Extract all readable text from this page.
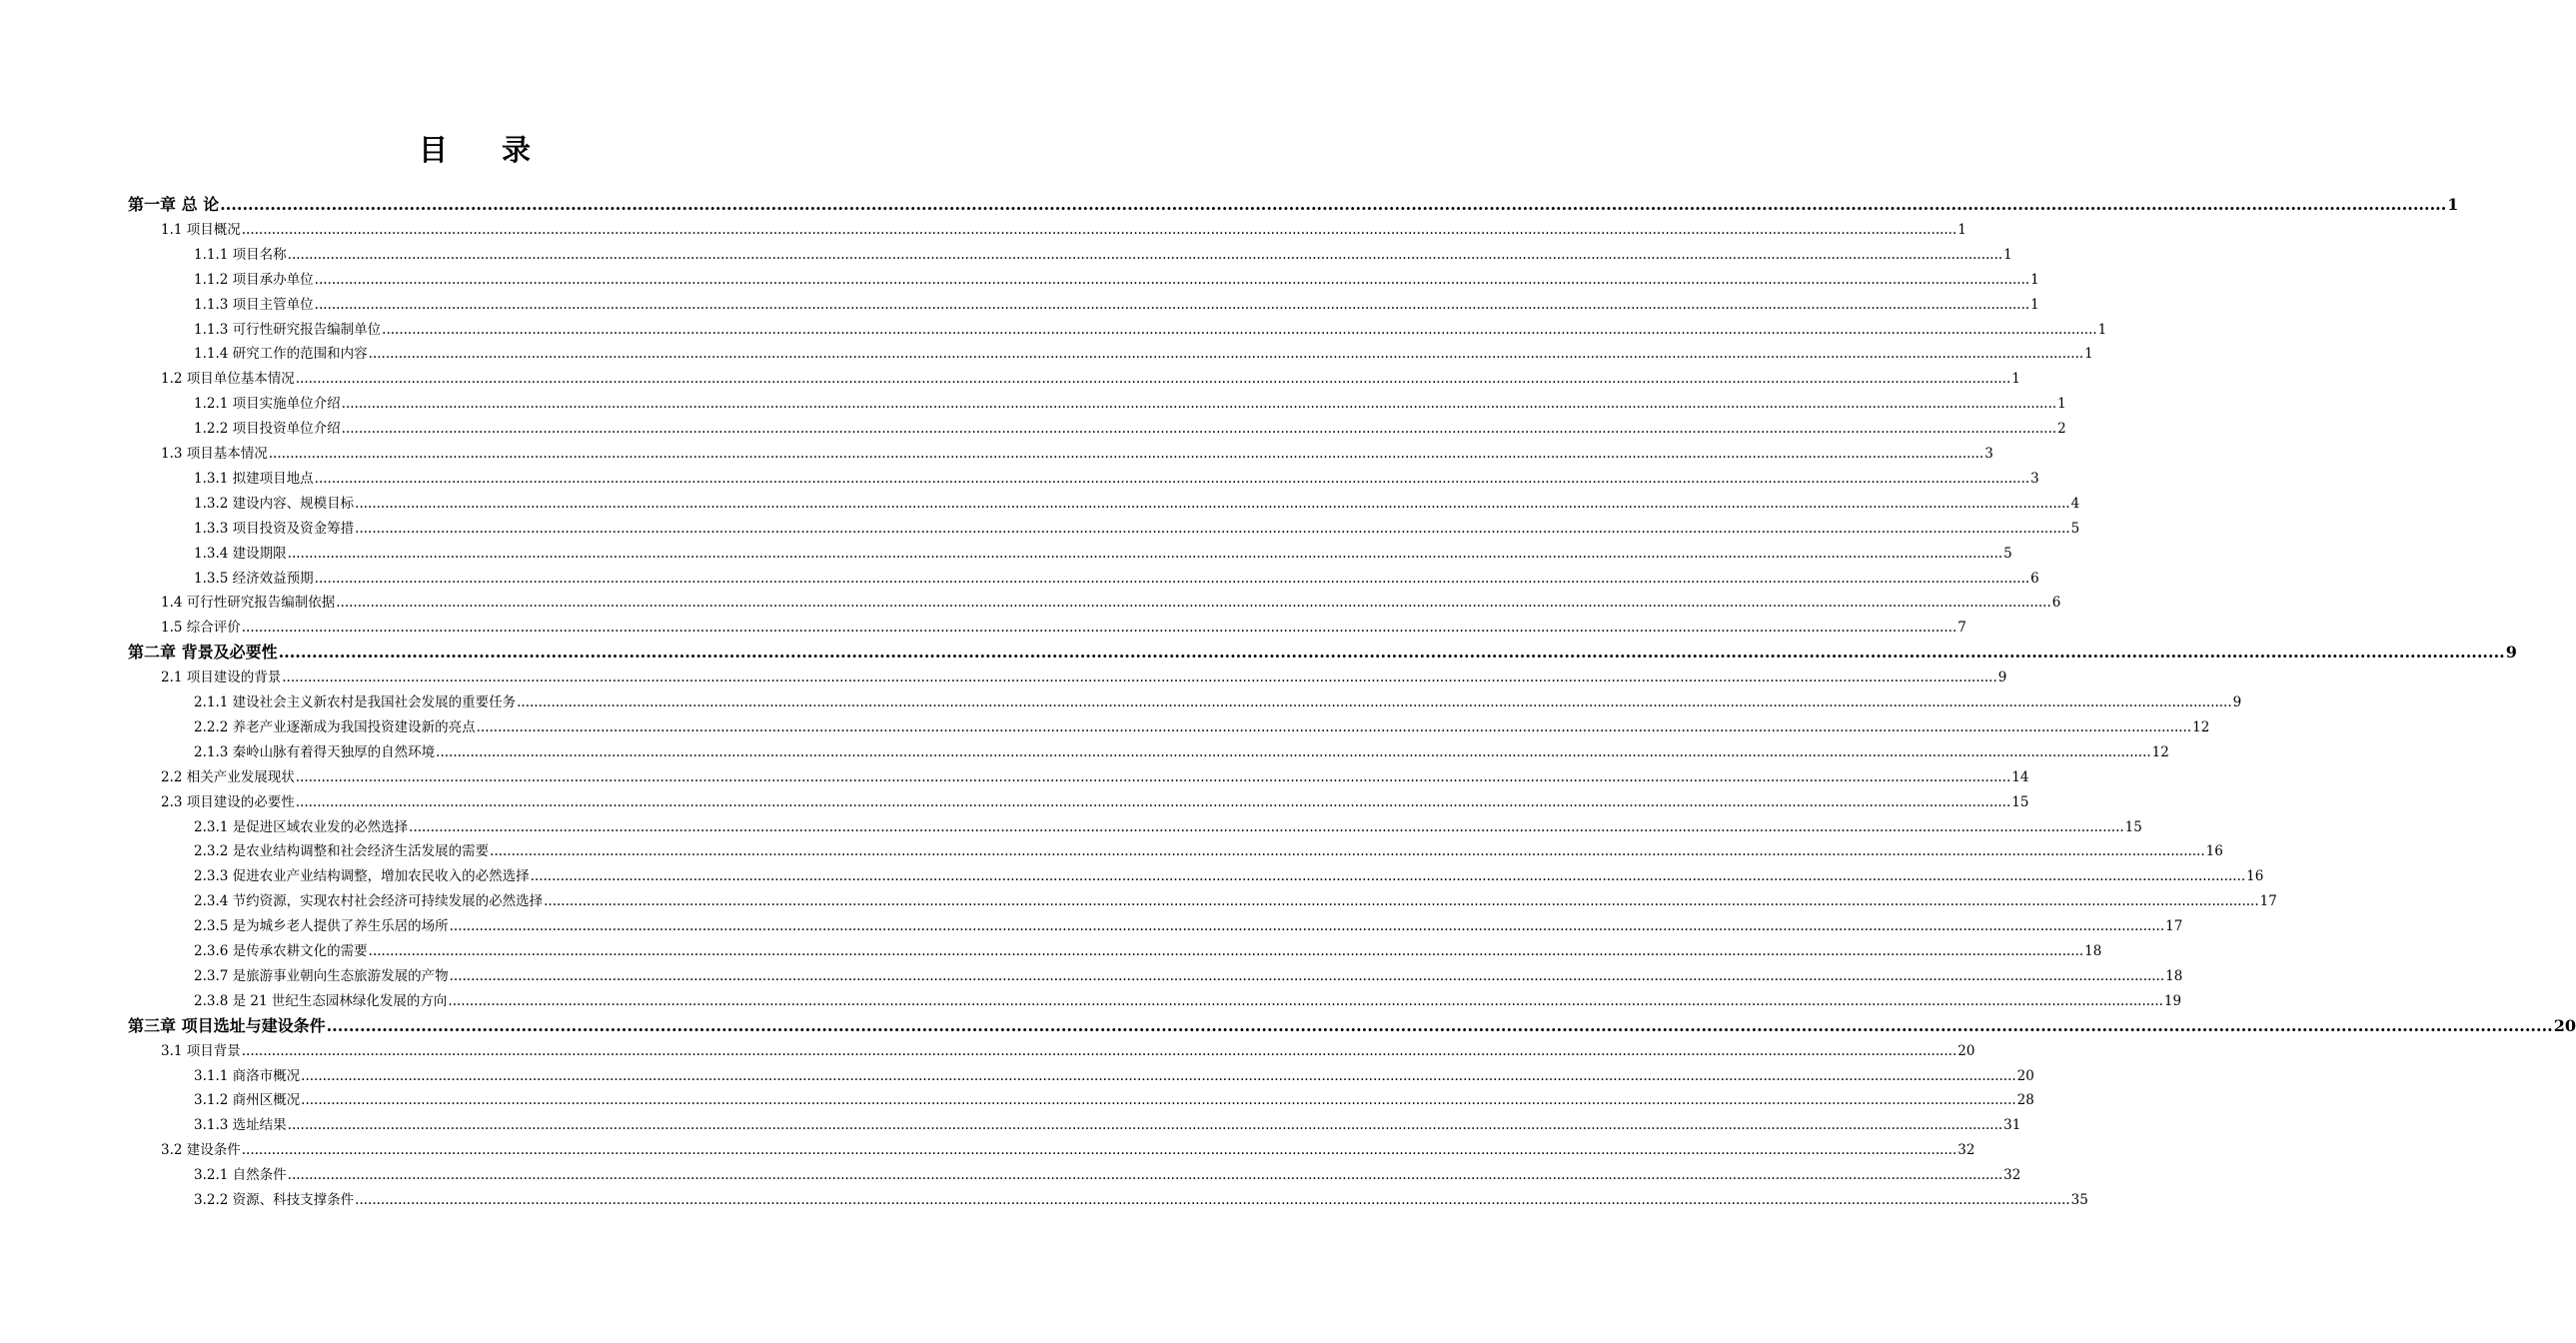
目 录
第一章 总 论 ................................................................................................................................................................................................................................................................................................................................................................................................................ 1
1.1 项目概况 ................................................................................................................................................................................................................................................................................................................................................................................................................ 1
1.1.1 项目名称 ................................................................................................................................................................................................................................................................................................................................................................................................................ 1
1.1.2 项目承办单位 ................................................................................................................................................................................................................................................................................................................................................................................................................ 1
1.1.3 项目主管单位 ................................................................................................................................................................................................................................................................................................................................................................................................................ 1
1.1.3 可行性研究报告编制单位 ................................................................................................................................................................................................................................................................................................................................................................................................................ 1
1.1.4 研究工作的范围和内容 ................................................................................................................................................................................................................................................................................................................................................................................................................ 1
1.2 项目单位基本情况 ................................................................................................................................................................................................................................................................................................................................................................................................................ 1
1.2.1 项目实施单位介绍 ................................................................................................................................................................................................................................................................................................................................................................................................................ 1
1.2.2 项目投资单位介绍 ................................................................................................................................................................................................................................................................................................................................................................................................................ 2
1.3 项目基本情况 ................................................................................................................................................................................................................................................................................................................................................................................................................ 3
1.3.1 拟建项目地点 ................................................................................................................................................................................................................................................................................................................................................................................................................ 3
1.3.2 建设内容、规模目标 ................................................................................................................................................................................................................................................................................................................................................................................................................ 4
1.3.3 项目投资及资金筹措 ................................................................................................................................................................................................................................................................................................................................................................................................................ 5
1.3.4 建设期限 ................................................................................................................................................................................................................................................................................................................................................................................................................ 5
1.3.5 经济效益预期 ................................................................................................................................................................................................................................................................................................................................................................................................................ 6
1.4 可行性研究报告编制依据 ................................................................................................................................................................................................................................................................................................................................................................................................................ 6
1.5 综合评价 ................................................................................................................................................................................................................................................................................................................................................................................................................ 7
第二章 背景及必要性 ................................................................................................................................................................................................................................................................................................................................................................................................................ 9
2.1 项目建设的背景 ................................................................................................................................................................................................................................................................................................................................................................................................................ 9
2.1.1 建设社会主义新农村是我国社会发展的重要任务 ................................................................................................................................................................................................................................................................................................................................................................................................................ 9
2.2.2 养老产业逐渐成为我国投资建设新的亮点 ................................................................................................................................................................................................................................................................................................................................................................................................................ 12
2.1.3 秦岭山脉有着得天独厚的自然环境 ................................................................................................................................................................................................................................................................................................................................................................................................................ 12
2.2 相关产业发展现状 ................................................................................................................................................................................................................................................................................................................................................................................................................ 14
2.3 项目建设的必要性 ................................................................................................................................................................................................................................................................................................................................................................................................................ 15
2.3.1 是促进区域农业发的必然选择 ................................................................................................................................................................................................................................................................................................................................................................................................................ 15
2.3.2 是农业结构调整和社会经济生活发展的需要 ................................................................................................................................................................................................................................................................................................................................................................................................................ 16
2.3.3 促进农业产业结构调整，增加农民收入的必然选择 ................................................................................................................................................................................................................................................................................................................................................................................................................ 16
2.3.4 节约资源，实现农村社会经济可持续发展的必然选择 ................................................................................................................................................................................................................................................................................................................................................................................................................ 17
2.3.5 是为城乡老人提供了养生乐居的场所 ................................................................................................................................................................................................................................................................................................................................................................................................................ 17
2.3.6 是传承农耕文化的需要 ................................................................................................................................................................................................................................................................................................................................................................................................................ 18
2.3.7 是旅游事业朝向生态旅游发展的产物 ................................................................................................................................................................................................................................................................................................................................................................................................................ 18
2.3.8 是 21 世纪生态园林绿化发展的方向 ................................................................................................................................................................................................................................................................................................................................................................................................................ 19
第三章 项目选址与建设条件 ................................................................................................................................................................................................................................................................................................................................................................................................................ 20
3.1 项目背景 ................................................................................................................................................................................................................................................................................................................................................................................................................ 20
3.1.1 商洛市概况 ................................................................................................................................................................................................................................................................................................................................................................................................................ 20
3.1.2 商州区概况 ................................................................................................................................................................................................................................................................................................................................................................................................................ 28
3.1.3 选址结果 ................................................................................................................................................................................................................................................................................................................................................................................................................ 31
3.2 建设条件 ................................................................................................................................................................................................................................................................................................................................................................................................................ 32
3.2.1 自然条件 ................................................................................................................................................................................................................................................................................................................................................................................................................ 32
3.2.2 资源、科技支撑条件 ................................................................................................................................................................................................................................................................................................................................................................................................................ 35
